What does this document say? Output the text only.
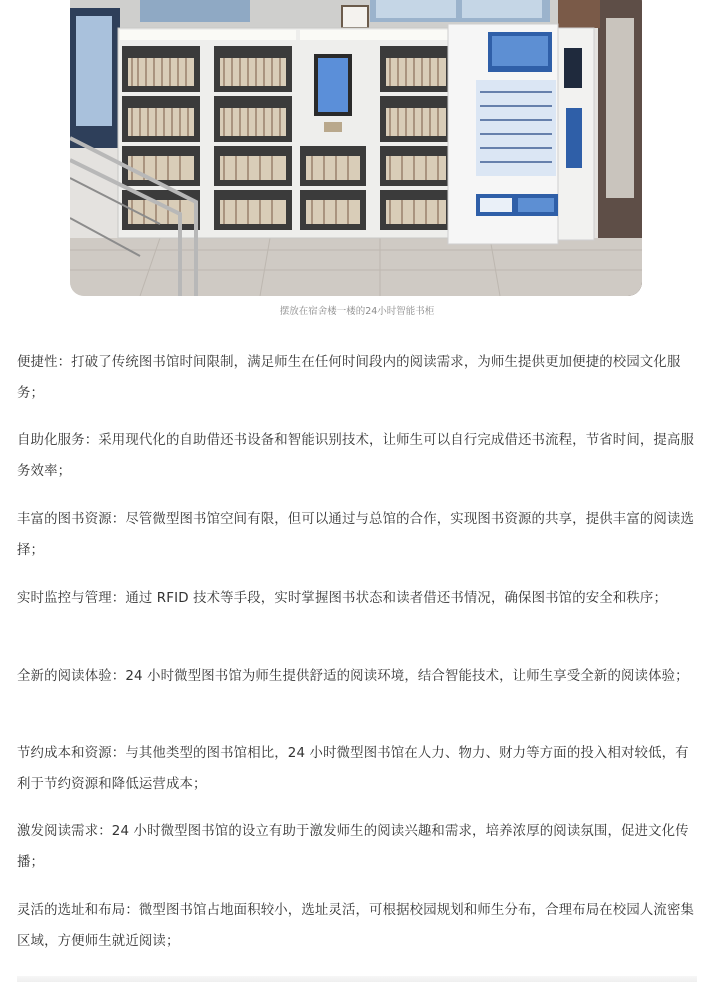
摆放在宿舍楼一楼的24小时智能书柜

便捷性：打破了传统图书馆时间限制，满足师生在任何时间段内的阅读需求，为师生提供更加便捷的校园文化服务；

自助化服务：采用现代化的自助借还书设备和智能识别技术，让师生可以自行完成借还书流程，节省时间，提高服务效率；

丰富的图书资源：尽管微型图书馆空间有限，但可以通过与总馆的合作，实现图书资源的共享，提供丰富的阅读选择；

实时监控与管理：通过 RFID 技术等手段，实时掌握图书状态和读者借还书情况，确保图书馆的安全和秩序；

全新的阅读体验：24 小时微型图书馆为师生提供舒适的阅读环境，结合智能技术，让师生享受全新的阅读体验；

节约成本和资源：与其他类型的图书馆相比，24 小时微型图书馆在人力、物力、财力等方面的投入相对较低，有利于节约资源和降低运营成本；

激发阅读需求：24 小时微型图书馆的设立有助于激发师生的阅读兴趣和需求，培养浓厚的阅读氛围，促进文化传播；

灵活的选址和布局：微型图书馆占地面积较小，选址灵活，可根据校园规划和师生分布，合理布局在校园人流密集区域，方便师生就近阅读；
